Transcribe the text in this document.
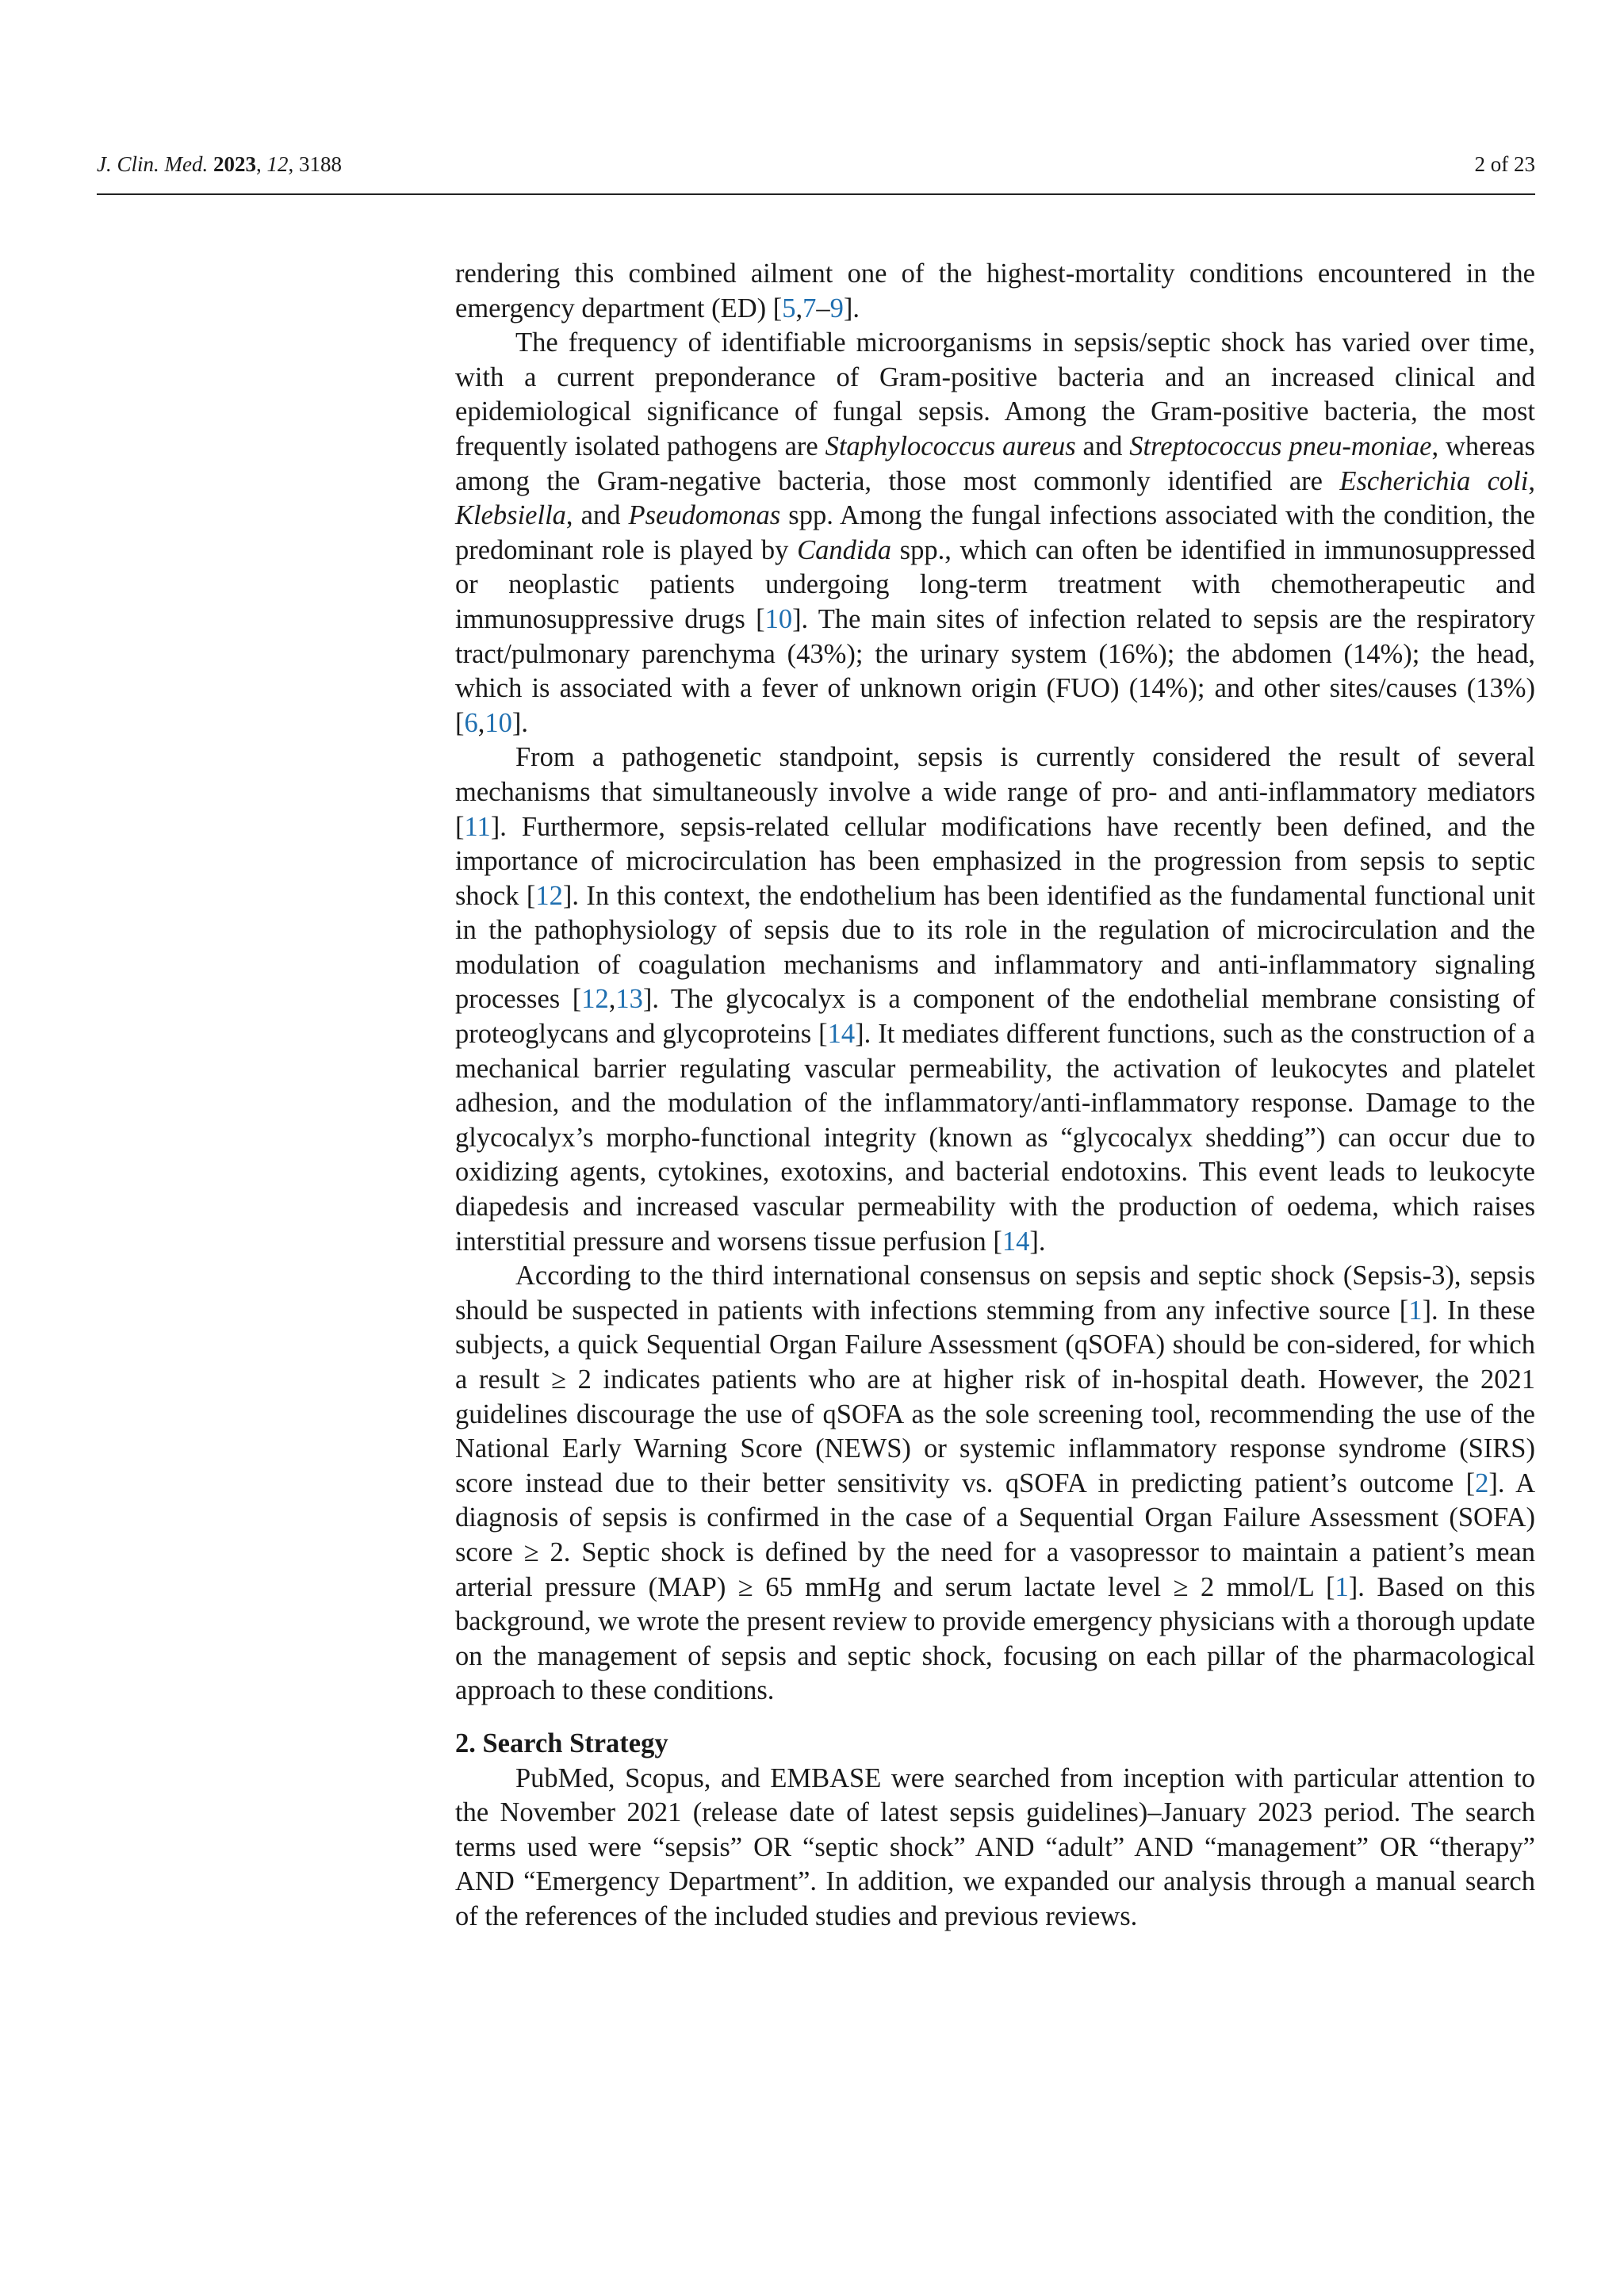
J. Clin. Med. 2023, 12, 3188	2 of 23

rendering this combined ailment one of the highest-mortality conditions encountered in the emergency department (ED) [5,7–9].

The frequency of identifiable microorganisms in sepsis/septic shock has varied over time, with a current preponderance of Gram-positive bacteria and an increased clinical and epidemiological significance of fungal sepsis. Among the Gram-positive bacteria, the most frequently isolated pathogens are Staphylococcus aureus and Streptococcus pneu-moniae, whereas among the Gram-negative bacteria, those most commonly identified are Escherichia coli, Klebsiella, and Pseudomonas spp. Among the fungal infections associated with the condition, the predominant role is played by Candida spp., which can often be identified in immunosuppressed or neoplastic patients undergoing long-term treatment with chemotherapeutic and immunosuppressive drugs [10]. The main sites of infection related to sepsis are the respiratory tract/pulmonary parenchyma (43%); the urinary system (16%); the abdomen (14%); the head, which is associated with a fever of unknown origin (FUO) (14%); and other sites/causes (13%) [6,10].

From a pathogenetic standpoint, sepsis is currently considered the result of several mechanisms that simultaneously involve a wide range of pro- and anti-inflammatory mediators [11]. Furthermore, sepsis-related cellular modifications have recently been defined, and the importance of microcirculation has been emphasized in the progression from sepsis to septic shock [12]. In this context, the endothelium has been identified as the fundamental functional unit in the pathophysiology of sepsis due to its role in the regulation of microcirculation and the modulation of coagulation mechanisms and inflammatory and anti-inflammatory signaling processes [12,13]. The glycocalyx is a component of the endothelial membrane consisting of proteoglycans and glycoproteins [14]. It mediates different functions, such as the construction of a mechanical barrier regulating vascular permeability, the activation of leukocytes and platelet adhesion, and the modulation of the inflammatory/anti-inflammatory response. Damage to the glycocalyx’s morpho-functional integrity (known as “glycocalyx shedding”) can occur due to oxidizing agents, cytokines, exotoxins, and bacterial endotoxins. This event leads to leukocyte diapedesis and increased vascular permeability with the production of oedema, which raises interstitial pressure and worsens tissue perfusion [14].

According to the third international consensus on sepsis and septic shock (Sepsis-3), sepsis should be suspected in patients with infections stemming from any infective source [1]. In these subjects, a quick Sequential Organ Failure Assessment (qSOFA) should be con-sidered, for which a result ≥ 2 indicates patients who are at higher risk of in-hospital death. However, the 2021 guidelines discourage the use of qSOFA as the sole screening tool, recommending the use of the National Early Warning Score (NEWS) or systemic inflammatory response syndrome (SIRS) score instead due to their better sensitivity vs. qSOFA in predicting patient’s outcome [2]. A diagnosis of sepsis is confirmed in the case of a Sequential Organ Failure Assessment (SOFA) score ≥ 2. Septic shock is defined by the need for a vasopressor to maintain a patient’s mean arterial pressure (MAP) ≥ 65 mmHg and serum lactate level ≥ 2 mmol/L [1]. Based on this background, we wrote the present review to provide emergency physicians with a thorough update on the management of sepsis and septic shock, focusing on each pillar of the pharmacological approach to these conditions.

2. Search Strategy

PubMed, Scopus, and EMBASE were searched from inception with particular attention to the November 2021 (release date of latest sepsis guidelines)–January 2023 period. The search terms used were “sepsis” OR “septic shock” AND “adult” AND “management” OR “therapy” AND “Emergency Department”. In addition, we expanded our analysis through a manual search of the references of the included studies and previous reviews.
